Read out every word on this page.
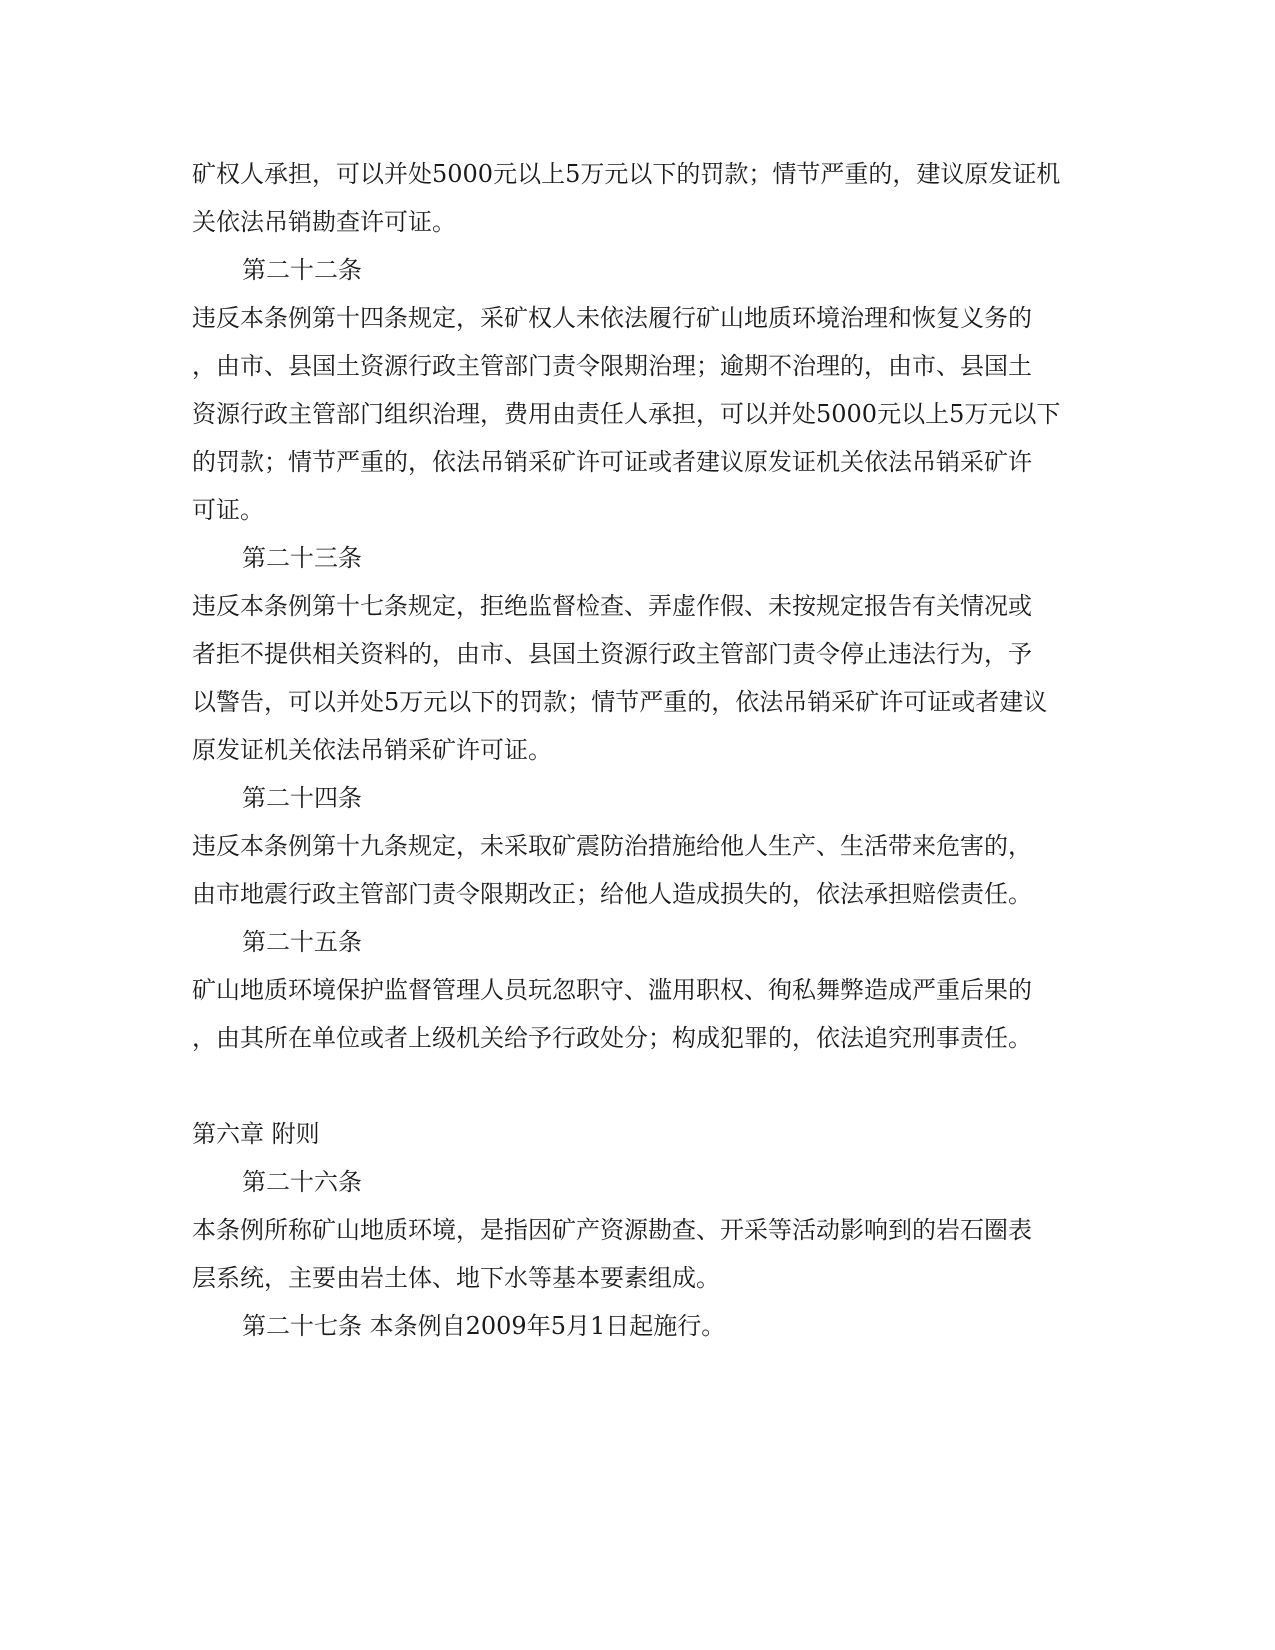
矿权人承担，可以并处5000元以上5万元以下的罚款；情节严重的，建议原发证机
关依法吊销勘查许可证。
第二十二条
违反本条例第十四条规定，采矿权人未依法履行矿山地质环境治理和恢复义务的
，由市、县国土资源行政主管部门责令限期治理；逾期不治理的，由市、县国土
资源行政主管部门组织治理，费用由责任人承担，可以并处5000元以上5万元以下
的罚款；情节严重的，依法吊销采矿许可证或者建议原发证机关依法吊销采矿许
可证。
第二十三条
违反本条例第十七条规定，拒绝监督检查、弄虚作假、未按规定报告有关情况或
者拒不提供相关资料的，由市、县国土资源行政主管部门责令停止违法行为，予
以警告，可以并处5万元以下的罚款；情节严重的，依法吊销采矿许可证或者建议
原发证机关依法吊销采矿许可证。
第二十四条
违反本条例第十九条规定，未采取矿震防治措施给他人生产、生活带来危害的，
由市地震行政主管部门责令限期改正；给他人造成损失的，依法承担赔偿责任。
第二十五条
矿山地质环境保护监督管理人员玩忽职守、滥用职权、徇私舞弊造成严重后果的
，由其所在单位或者上级机关给予行政处分；构成犯罪的，依法追究刑事责任。
第六章 附则
第二十六条
本条例所称矿山地质环境，是指因矿产资源勘查、开采等活动影响到的岩石圈表
层系统，主要由岩土体、地下水等基本要素组成。
第二十七条 本条例自2009年5月1日起施行。
